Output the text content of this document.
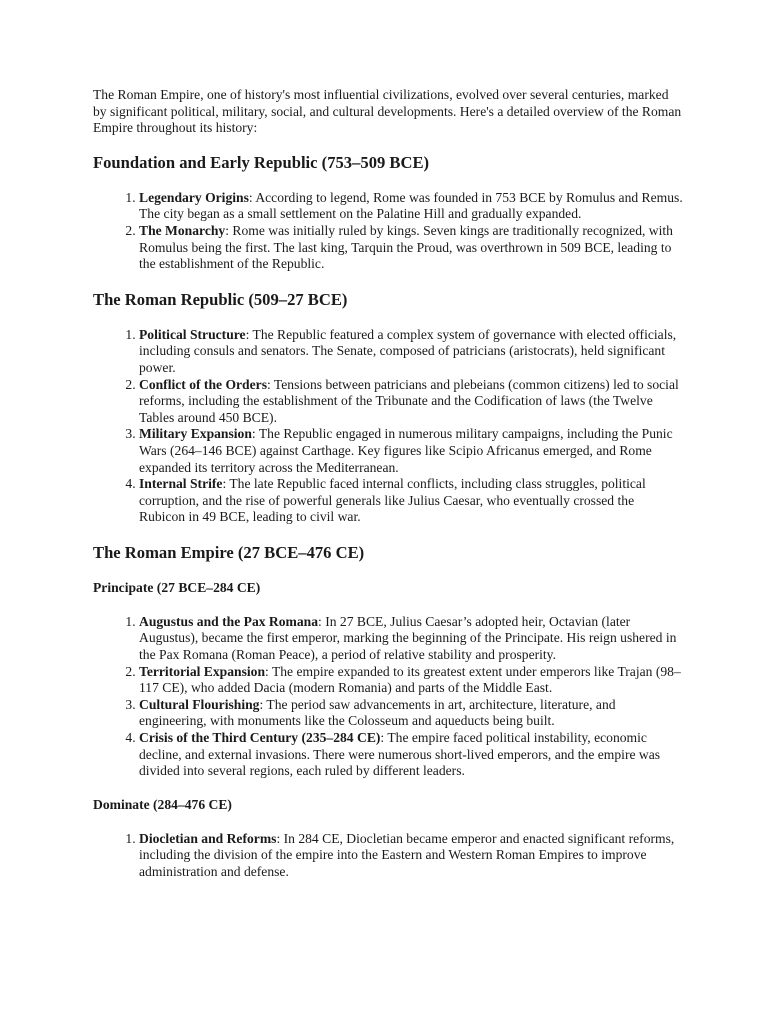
The Roman Empire, one of history's most influential civilizations, evolved over several centuries, marked by significant political, military, social, and cultural developments. Here's a detailed overview of the Roman Empire throughout its history:

Foundation and Early Republic (753–509 BCE)
1. Legendary Origins: According to legend, Rome was founded in 753 BCE by Romulus and Remus. The city began as a small settlement on the Palatine Hill and gradually expanded.
2. The Monarchy: Rome was initially ruled by kings. Seven kings are traditionally recognized, with Romulus being the first. The last king, Tarquin the Proud, was overthrown in 509 BCE, leading to the establishment of the Republic.
The Roman Republic (509–27 BCE)
1. Political Structure: The Republic featured a complex system of governance with elected officials, including consuls and senators. The Senate, composed of patricians (aristocrats), held significant power.
2. Conflict of the Orders: Tensions between patricians and plebeians (common citizens) led to social reforms, including the establishment of the Tribunate and the Codification of laws (the Twelve Tables around 450 BCE).
3. Military Expansion: The Republic engaged in numerous military campaigns, including the Punic Wars (264–146 BCE) against Carthage. Key figures like Scipio Africanus emerged, and Rome expanded its territory across the Mediterranean.
4. Internal Strife: The late Republic faced internal conflicts, including class struggles, political corruption, and the rise of powerful generals like Julius Caesar, who eventually crossed the Rubicon in 49 BCE, leading to civil war.
The Roman Empire (27 BCE–476 CE)
Principate (27 BCE–284 CE)
1. Augustus and the Pax Romana: In 27 BCE, Julius Caesar’s adopted heir, Octavian (later Augustus), became the first emperor, marking the beginning of the Principate. His reign ushered in the Pax Romana (Roman Peace), a period of relative stability and prosperity.
2. Territorial Expansion: The empire expanded to its greatest extent under emperors like Trajan (98–117 CE), who added Dacia (modern Romania) and parts of the Middle East.
3. Cultural Flourishing: The period saw advancements in art, architecture, literature, and engineering, with monuments like the Colosseum and aqueducts being built.
4. Crisis of the Third Century (235–284 CE): The empire faced political instability, economic decline, and external invasions. There were numerous short-lived emperors, and the empire was divided into several regions, each ruled by different leaders.
Dominate (284–476 CE)
1. Diocletian and Reforms: In 284 CE, Diocletian became emperor and enacted significant reforms, including the division of the empire into the Eastern and Western Roman Empires to improve administration and defense.
